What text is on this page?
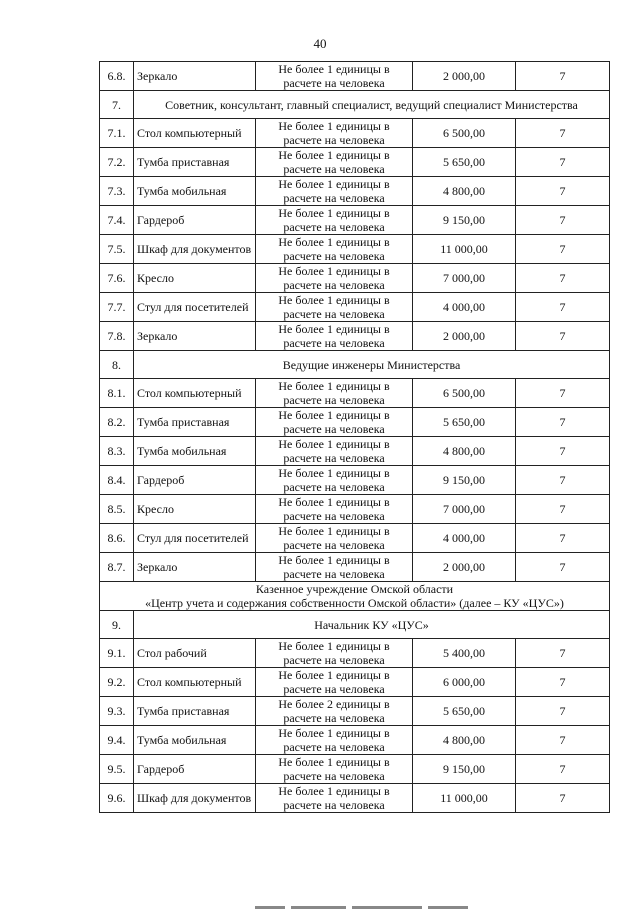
40
6.8.	Зеркало	Не более 1 единицы в расчете на человека	2 000,00	7
7.	Советник, консультант, главный специалист, ведущий специалист Министерства			
7.1.	Стол компьютерный	Не более 1 единицы в расчете на человека	6 500,00	7
7.2.	Тумба приставная	Не более 1 единицы в расчете на человека	5 650,00	7
7.3.	Тумба мобильная	Не более 1 единицы в расчете на человека	4 800,00	7
7.4.	Гардероб	Не более 1 единицы в расчете на человека	9 150,00	7
7.5.	Шкаф для документов	Не более 1 единицы в расчете на человека	11 000,00	7
7.6.	Кресло	Не более 1 единицы в расчете на человека	7 000,00	7
7.7.	Стул для посетителей	Не более 1 единицы в расчете на человека	4 000,00	7
7.8.	Зеркало	Не более 1 единицы в расчете на человека	2 000,00	7
8.	Ведущие инженеры Министерства			
8.1.	Стол компьютерный	Не более 1 единицы в расчете на человека	6 500,00	7
8.2.	Тумба приставная	Не более 1 единицы в расчете на человека	5 650,00	7
8.3.	Тумба мобильная	Не более 1 единицы в расчете на человека	4 800,00	7
8.4.	Гардероб	Не более 1 единицы в расчете на человека	9 150,00	7
8.5.	Кресло	Не более 1 единицы в расчете на человека	7 000,00	7
8.6.	Стул для посетителей	Не более 1 единицы в расчете на человека	4 000,00	7
8.7.	Зеркало	Не более 1 единицы в расчете на человека	2 000,00	7

Казенное учреждение Омской области
«Центр учета и содержания собственности Омской области» (далее – КУ «ЦУС»)				

9.	Начальник КУ «ЦУС»			
9.1.	Стол рабочий	Не более 1 единицы в расчете на человека	5 400,00	7
9.2.	Стол компьютерный	Не более 1 единицы в расчете на человека	6 000,00	7
9.3.	Тумба приставная	Не более 2 единицы в расчете на человека	5 650,00	7
9.4.	Тумба мобильная	Не более 1 единицы в расчете на человека	4 800,00	7
9.5.	Гардероб	Не более 1 единицы в расчете на человека	9 150,00	7
9.6.	Шкаф для документов	Не более 1 единицы в расчете на человека	11 000,00	7
